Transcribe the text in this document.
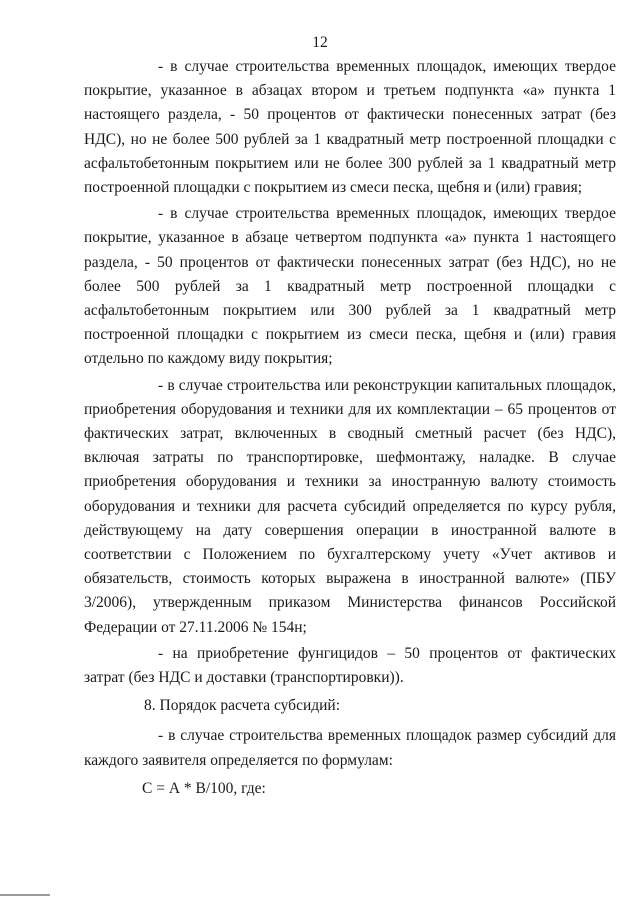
12

- в случае строительства временных площадок, имеющих твердое покрытие, указанное в абзацах втором и третьем подпункта «а» пункта 1 настоящего раздела, - 50 процентов от фактически понесенных затрат (без НДС), но не более 500 рублей за 1 квадратный метр построенной площадки с асфальтобетонным покрытием или не более 300 рублей за 1 квадратный метр построенной площадки с покрытием из смеси песка, щебня и (или) гравия;

- в случае строительства временных площадок, имеющих твердое покрытие, указанное в абзаце четвертом подпункта «а» пункта 1 настоящего раздела, - 50 процентов от фактически понесенных затрат (без НДС), но не более 500 рублей за 1 квадратный метр построенной площадки с асфальтобетонным покрытием или 300 рублей за 1 квадратный метр построенной площадки с покрытием из смеси песка, щебня и (или) гравия отдельно по каждому виду покрытия;

- в случае строительства или реконструкции капитальных площадок, приобретения оборудования и техники для их комплектации – 65 процентов от фактических затрат, включенных в сводный сметный расчет (без НДС), включая затраты по транспортировке, шефмонтажу, наладке. В случае приобретения оборудования и техники за иностранную валюту стоимость оборудования и техники для расчета субсидий определяется по курсу рубля, действующему на дату совершения операции в иностранной валюте в соответствии с Положением по бухгалтерскому учету «Учет активов и обязательств, стоимость которых выражена в иностранной валюте» (ПБУ 3/2006), утвержденным приказом Министерства финансов Российской Федерации от 27.11.2006 № 154н;

- на приобретение фунгицидов – 50 процентов от фактических затрат (без НДС и доставки (транспортировки)).

8. Порядок расчета субсидий:

- в случае строительства временных площадок размер субсидий для каждого заявителя определяется по формулам:

С = А * В/100, где:
